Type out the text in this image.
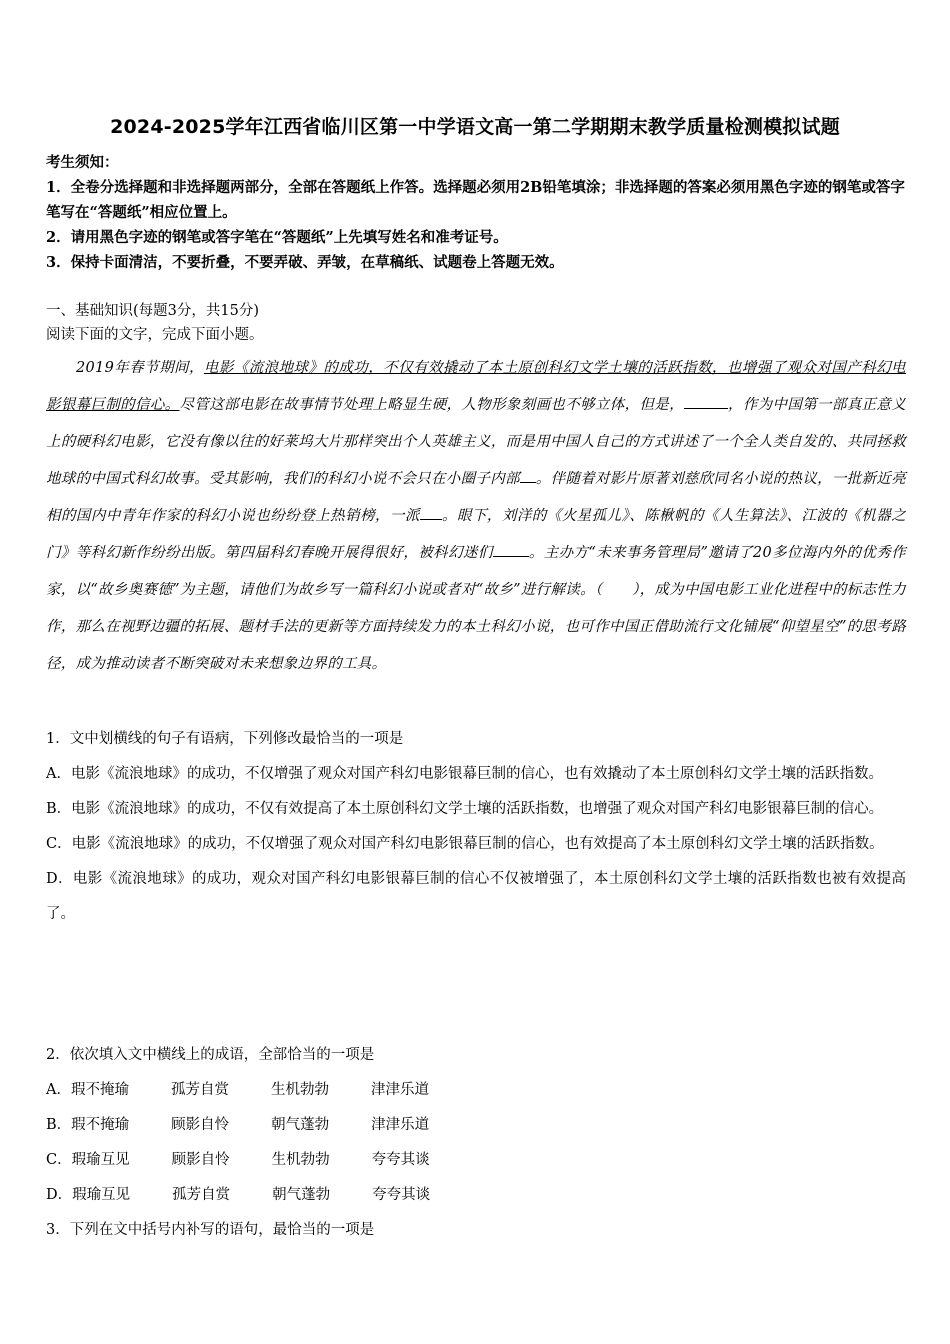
2024-2025学年江西省临川区第一中学语文高一第二学期期末教学质量检测模拟试题
考生须知：
1．全卷分选择题和非选择题两部分，全部在答题纸上作答。选择题必须用2B铅笔填涂；非选择题的答案必须用黑色字迹的钢笔或答字笔写在“答题纸”相应位置上。
2．请用黑色字迹的钢笔或答字笔在“答题纸”上先填写姓名和准考证号。
3．保持卡面清洁，不要折叠，不要弄破、弄皱，在草稿纸、试题卷上答题无效。
一、基础知识(每题3分，共15分)
阅读下面的文字，完成下面小题。
2019年春节期间，电影《流浪地球》的成功，不仅有效撬动了本土原创科幻文学土壤的活跃指数，也增强了观众对国产科幻电影银幕巨制的信心。尽管这部电影在故事情节处理上略显生硬，人物形象刻画也不够立体，但是，	，作为中国第一部真正意义上的硬科幻电影，它没有像以往的好莱坞大片那样突出个人英雄主义，而是用中国人自己的方式讲述了一个全人类自发的、共同拯救地球的中国式科幻故事。受其影响，我们的科幻小说不会只在小圈子内部 。伴随着对影片原著刘慈欣同名小说的热议，一批新近亮相的国内中青年作家的科幻小说也纷纷登上热销榜，一派 。眼下，刘洋的《火星孤儿》、陈楸帆的《人生算法》、江波的《机器之门》等科幻新作纷纷出版。第四届科幻春晚开展得很好，被科幻迷们 。主办方“未来事务管理局”邀请了20多位海内外的优秀作家，以“故乡奥赛德”为主题，请他们为故乡写一篇科幻小说或者对“故乡”进行解读。（　　），成为中国电影工业化进程中的标志性力作，那么在视野边疆的拓展、题材手法的更新等方面持续发力的本土科幻小说，也可作中国正借助流行文化铺展“仰望星空”的思考路径，成为推动读者不断突破对未来想象边界的工具。
1．文中划横线的句子有语病，下列修改最恰当的一项是
A．电影《流浪地球》的成功，不仅增强了观众对国产科幻电影银幕巨制的信心，也有效撬动了本土原创科幻文学土壤的活跃指数。
B．电影《流浪地球》的成功，不仅有效提高了本土原创科幻文学土壤的活跃指数，也增强了观众对国产科幻电影银幕巨制的信心。
C．电影《流浪地球》的成功，不仅增强了观众对国产科幻电影银幕巨制的信心，也有效提高了本土原创科幻文学土壤的活跃指数。
D．电影《流浪地球》的成功，观众对国产科幻电影银幕巨制的信心不仅被增强了，本土原创科幻文学土壤的活跃指数也被有效提高了。
2．依次填入文中横线上的成语，全部恰当的一项是
A．瑕不掩瑜	孤芳自赏	生机勃勃	津津乐道
B．瑕不掩瑜	顾影自怜	朝气蓬勃	津津乐道
C．瑕瑜互见	顾影自怜	生机勃勃	夸夸其谈
D．瑕瑜互见	孤芳自赏	朝气蓬勃	夸夸其谈
3．下列在文中括号内补写的语句，最恰当的一项是
